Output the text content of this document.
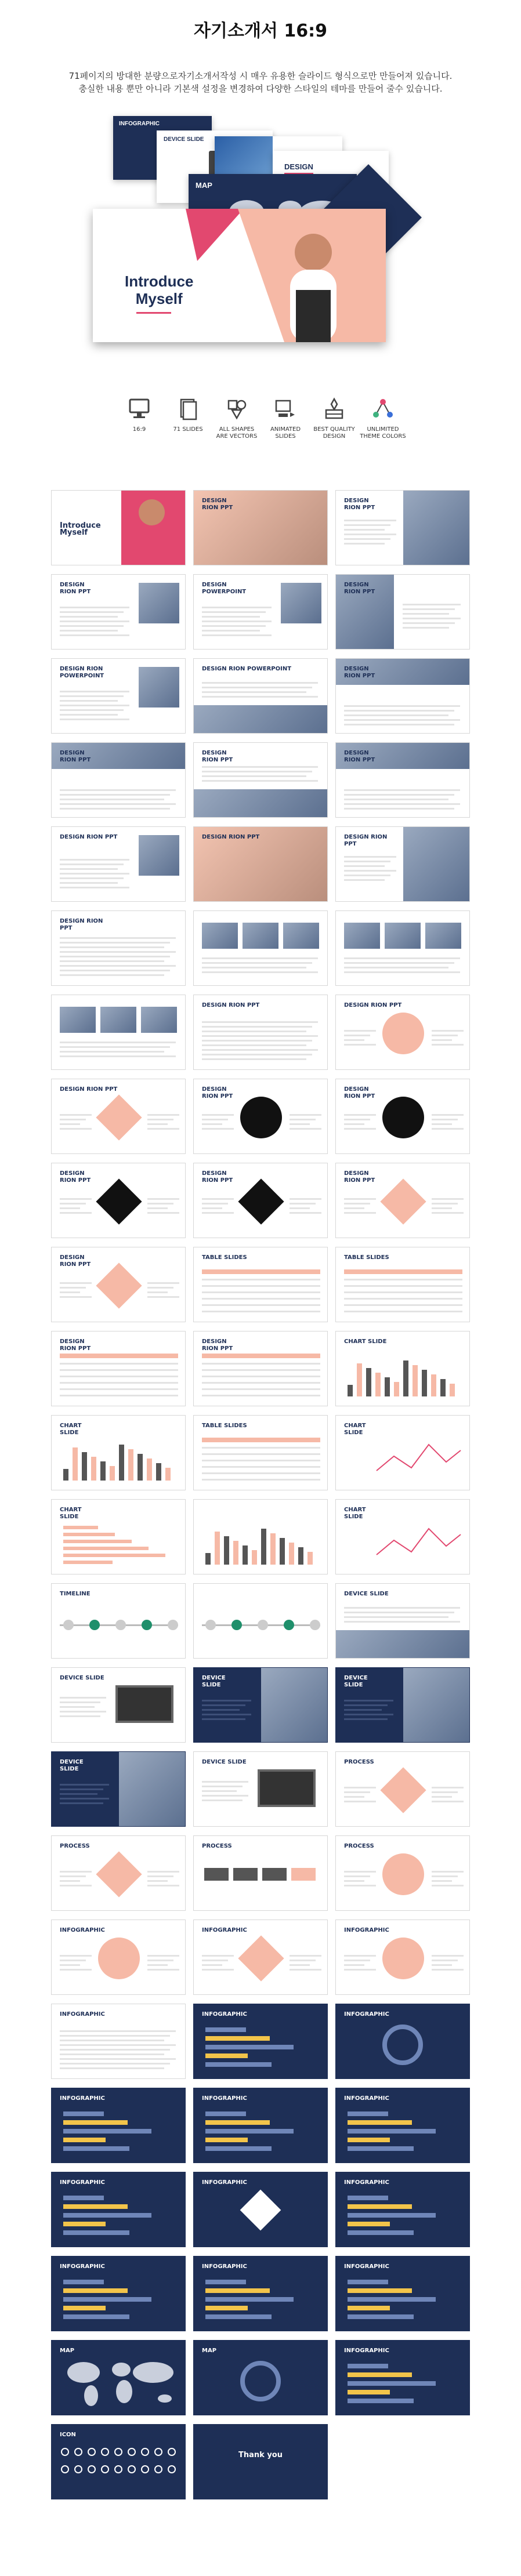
자기소개서 16:9
71페이지의 방대한 분량으로자기소개서작성 시 매우 유용한 슬라이드 형식으로만 만들어져 있습니다.
충실한 내용 뿐만 아니라 기본색 설정을 변경하여 다양한 스타일의 테마를 만들어 줄수 있습니다.
INFOGRAPHIC
DEVICE SLIDE
DESIGN
MAP
Introduce
Myself
16:9	71 SLIDES	ALL SHAPES ARE VECTORS
ANIMATED SLIDES
BEST QUALITY DESIGN
UNLIMITED THEME COLORS
Introduce
Myself
DESIGN
RION PPT
DESIGN
RION PPT
DESIGN
RION PPT
DESIGN
POWERPOINT
DESIGN
RION PPT
DESIGN RION
POWERPOINT
DESIGN RION POWERPOINT	DESIGN
RION PPT
DESIGN
RION PPT
DESIGN
RION PPT
DESIGN
RION PPT
DESIGN RION PPT	DESIGN RION PPT	DESIGN RION
PPT
DESIGN RION
PPT
DESIGN RION PPT	DESIGN RION PPT
DESIGN RION PPT	DESIGN
RION PPT
DESIGN
RION PPT
DESIGN
RION PPT
DESIGN
RION PPT
DESIGN
RION PPT
DESIGN
RION PPT
TABLE SLIDES	TABLE SLIDES
DESIGN
RION PPT
DESIGN
RION PPT
CHART SLIDE
CHART
SLIDE
TABLE SLIDES	CHART
SLIDE
CHART
SLIDE
CHART
SLIDE
TIMELINE	DEVICE SLIDE
DEVICE SLIDE	DEVICE
SLIDE
DEVICE
SLIDE
DEVICE
SLIDE
DEVICE SLIDE	PROCESS
PROCESS	PROCESS	PROCESS
INFOGRAPHIC	INFOGRAPHIC	INFOGRAPHIC
INFOGRAPHIC	INFOGRAPHIC	INFOGRAPHIC
INFOGRAPHIC	INFOGRAPHIC	INFOGRAPHIC
INFOGRAPHIC	INFOGRAPHIC	INFOGRAPHIC
INFOGRAPHIC	INFOGRAPHIC	INFOGRAPHIC
MAP	MAP	INFOGRAPHIC
ICON
Thank you
